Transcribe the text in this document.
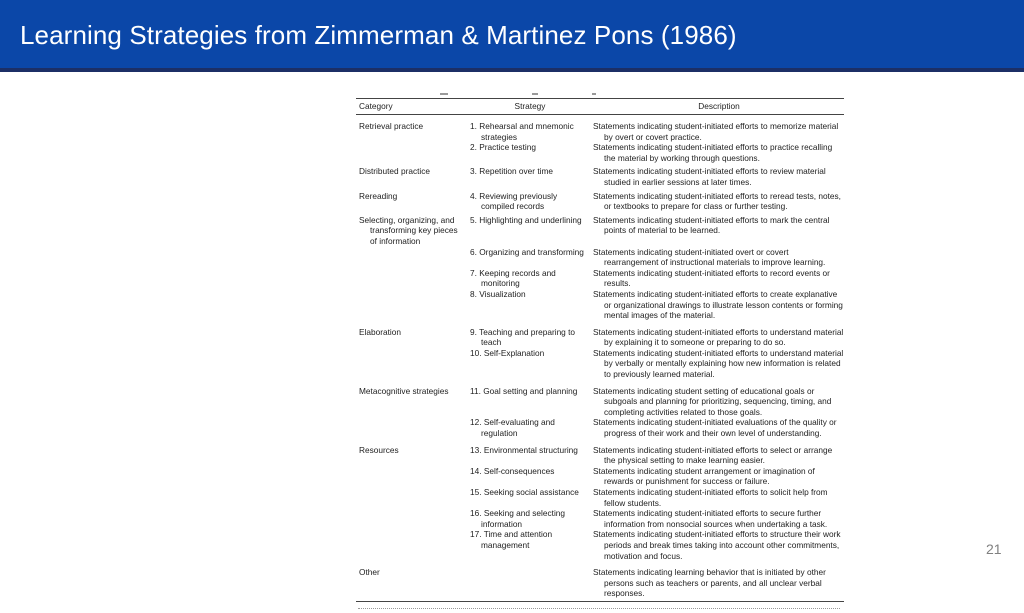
Learning Strategies from Zimmerman & Martinez Pons (1986)
Category	Strategy	Description

Retrieval practice	1. Rehearsal and mnemonic strategies	Statements indicating student-initiated efforts to memorize material by overt or covert practice.

	2. Practice testing	Statements indicating student-initiated efforts to practice recalling the material by working through questions.

Distributed practice	3. Repetition over time	Statements indicating student-initiated efforts to review material studied in earlier sessions at later times.

Rereading	4. Reviewing previously compiled records	Statements indicating student-initiated efforts to reread tests, notes, or textbooks to prepare for class or further testing.

Selecting, organizing, and transforming key pieces of information	5. Highlighting and underlining	Statements indicating student-initiated efforts to mark the central points of material to be learned.

	6. Organizing and transforming	Statements indicating student-initiated overt or covert rearrangement of instructional materials to improve learning.

	7. Keeping records and monitoring	Statements indicating student-initiated efforts to record events or results.

	8. Visualization	Statements indicating student-initiated efforts to create explanative or organizational drawings to illustrate lesson contents or forming mental images of the material.

Elaboration	9. Teaching and preparing to teach	Statements indicating student-initiated efforts to understand material by explaining it to someone or preparing to do so.

	10. Self-Explanation	Statements indicating student-initiated efforts to understand material by verbally or mentally explaining how new information is related to previously learned material.

Metacognitive strategies	11. Goal setting and planning	Statements indicating student setting of educational goals or subgoals and planning for prioritizing, sequencing, timing, and completing activities related to those goals.

	12. Self-evaluating and regulation	Statements indicating student-initiated evaluations of the quality or progress of their work and their own level of understanding.

Resources	13. Environmental structuring	Statements indicating student-initiated efforts to select or arrange the physical setting to make learning easier.

	14. Self-consequences	Statements indicating student arrangement or imagination of rewards or punishment for success or failure.

	15. Seeking social assistance	Statements indicating student-initiated efforts to solicit help from fellow students.

	16. Seeking and selecting information	Statements indicating student-initiated efforts to secure further information from nonsocial sources when undertaking a task.

	17. Time and attention management	Statements indicating student-initiated efforts to structure their work periods and break times taking into account other commitments, motivation and focus.

Other		Statements indicating learning behavior that is initiated by other persons such as teachers or parents, and all unclear verbal responses.
21
